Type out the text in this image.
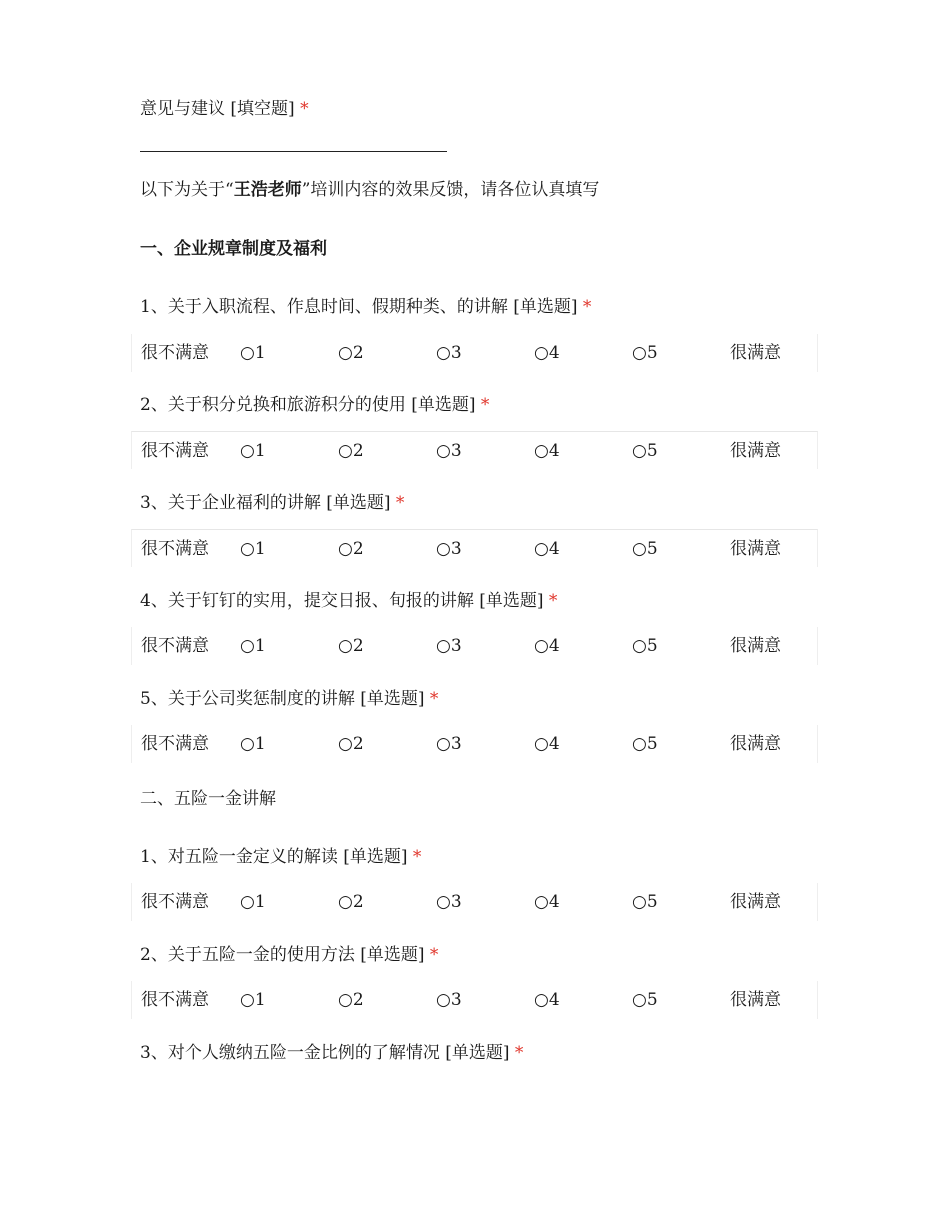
意见与建议 [填空题] *
以下为关于“王浩老师”培训内容的效果反馈，请各位认真填写
一、企业规章制度及福利
1、关于入职流程、作息时间、假期种类、的讲解 [单选题] *
很不满意 ○1	○2	○3	○4	○5	很满意
2、关于积分兑换和旅游积分的使用 [单选题] *
很不满意 ○1	○2	○3	○4	○5	很满意
3、关于企业福利的讲解 [单选题] *
很不满意 ○1	○2	○3	○4	○5	很满意
4、关于钉钉的实用，提交日报、旬报的讲解 [单选题] *
很不满意 ○1	○2	○3	○4	○5	很满意
5、关于公司奖惩制度的讲解 [单选题] *
很不满意 ○1	○2	○3	○4	○5	很满意
二、五险一金讲解
1、对五险一金定义的解读 [单选题] *
很不满意 ○1	○2	○3	○4	○5	很满意
2、关于五险一金的使用方法 [单选题] *
很不满意 ○1	○2	○3	○4	○5	很满意
3、对个人缴纳五险一金比例的了解情况 [单选题] *
